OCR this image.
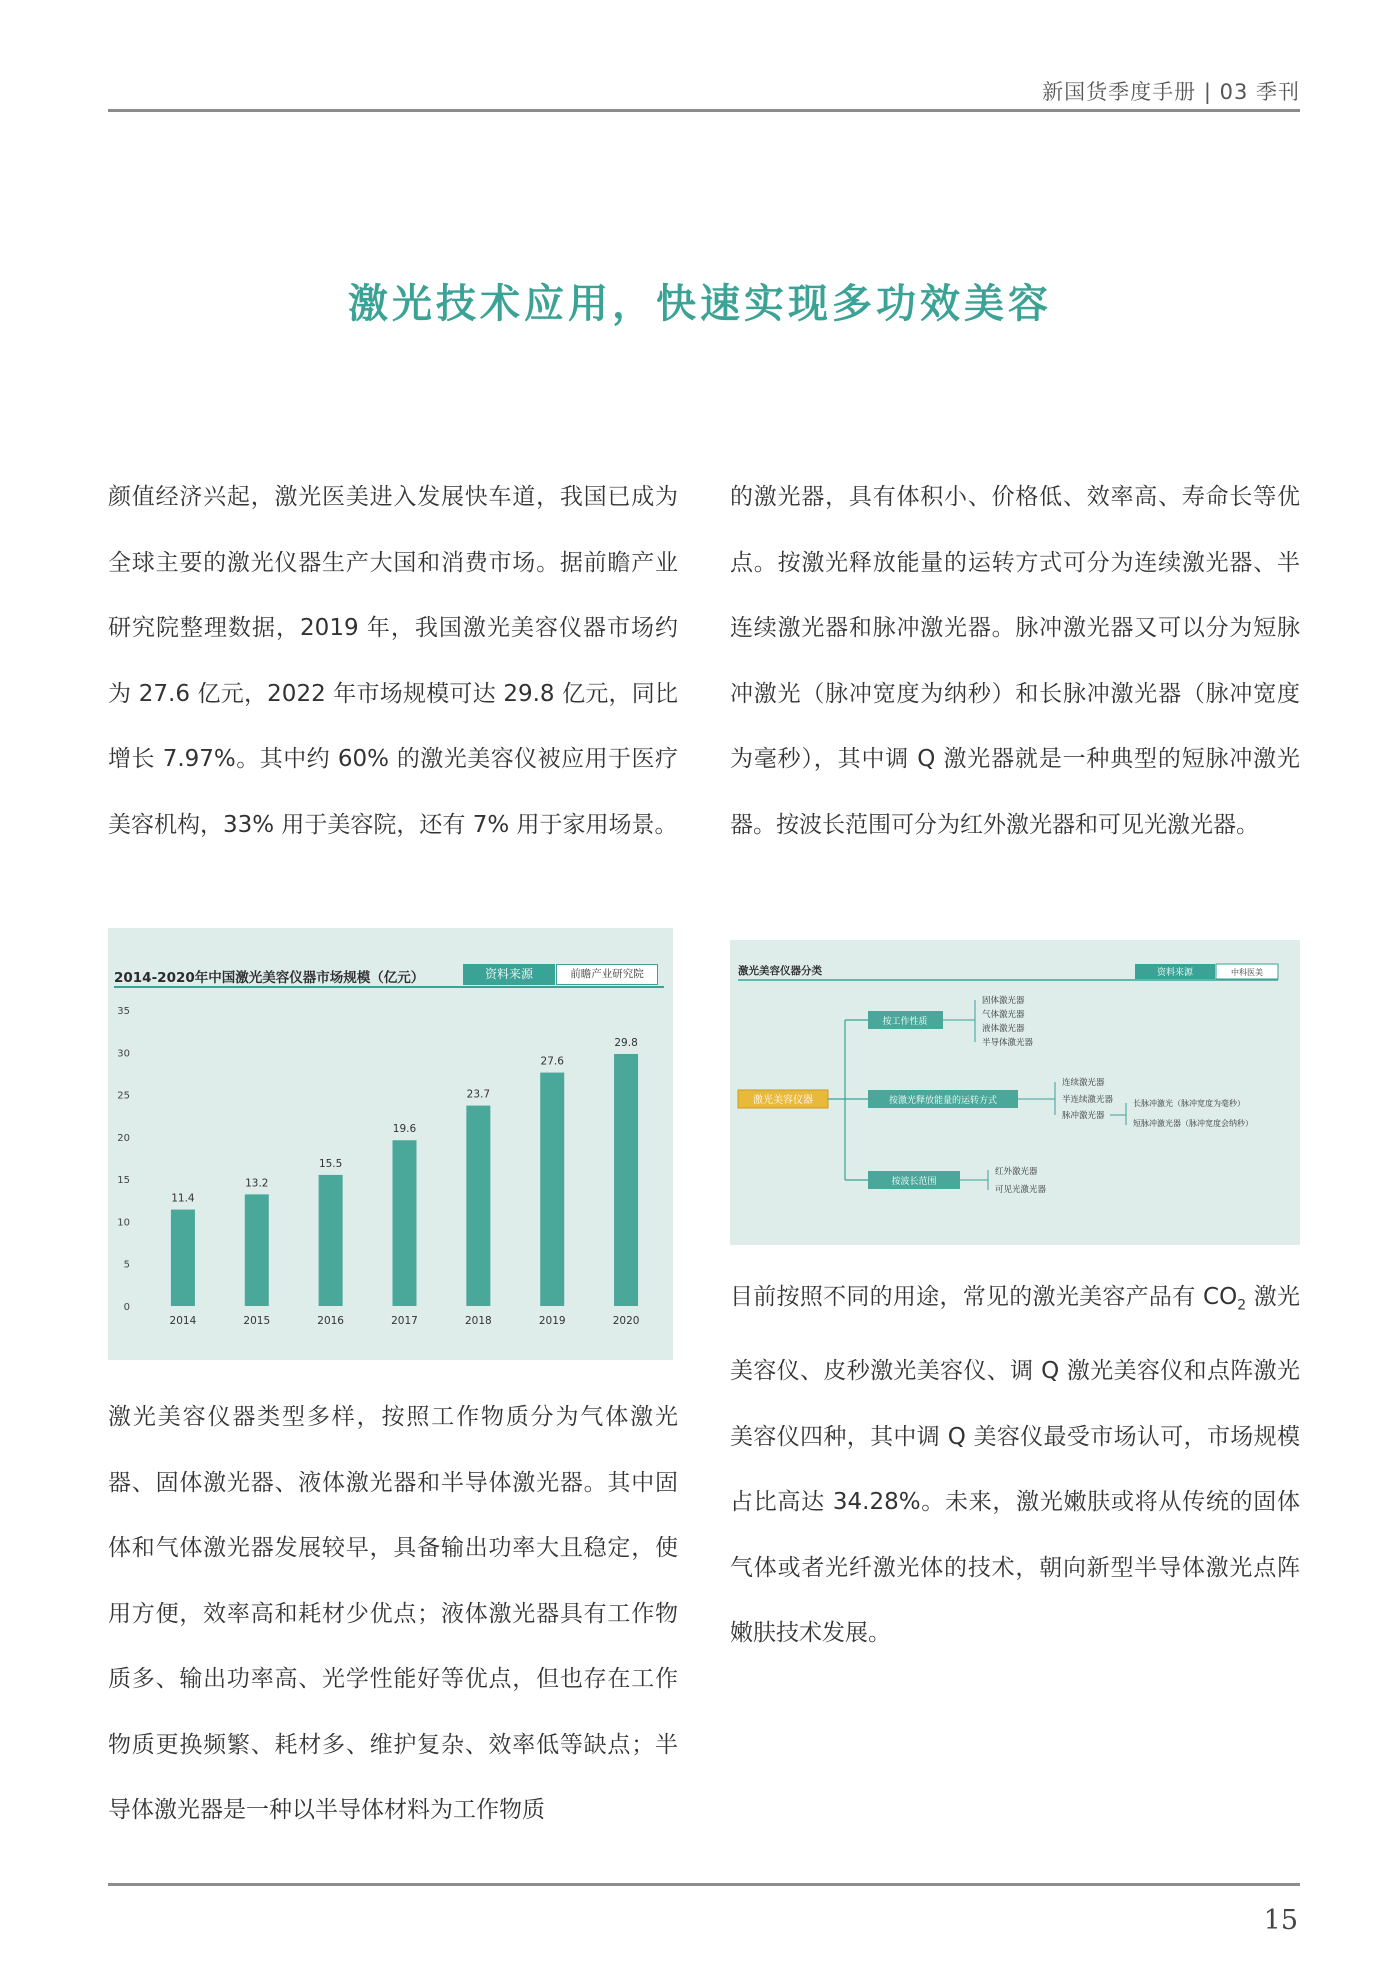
新国货季度手册 | 03 季刊
激光技术应用，快速实现多功效美容

颜值经济兴起，激光医美进入发展快车道，我国已成为全球主要的激光仪器生产大国和消费市场。据前瞻产业研究院整理数据，2019 年，我国激光美容仪器市场约为 27.6 亿元，2022 年市场规模可达 29.8 亿元，同比增长 7.97%。其中约 60% 的激光美容仪被应用于医疗美容机构，33% 用于美容院，还有 7% 用于家用场景。

2014-2020年中国激光美容仪器市场规模（亿元）	资料来源	前瞻产业研究院
0
5
10
15
20
25
30
35
11.4
2014
13.2
2015
15.5
2016
19.6
2017
23.7
2018
27.6
2019
29.8
2020

激光美容仪器类型多样，按照工作物质分为气体激光器、固体激光器、液体激光器和半导体激光器。其中固体和气体激光器发展较早，具备输出功率大且稳定，使用方便，效率高和耗材少优点；液体激光器具有工作物质多、输出功率高、光学性能好等优点，但也存在工作物质更换频繁、耗材多、维护复杂、效率低等缺点；半导体激光器是一种以半导体材料为工作物质

的激光器，具有体积小、价格低、效率高、寿命长等优点。按激光释放能量的运转方式可分为连续激光器、半连续激光器和脉冲激光器。脉冲激光器又可以分为短脉冲激光（脉冲宽度为纳秒）和长脉冲激光器（脉冲宽度为毫秒），其中调 Q 激光器就是一种典型的短脉冲激光器。按波长范围可分为红外激光器和可见光激光器。

激光美容仪器分类	资料来源	中科医美
激光美容仪器
按工作性质
固体激光器
气体激光器
液体激光器
半导体激光器
按激光释放能量的运转方式
连续激光器
半连续激光器
脉冲激光器
长脉冲激光（脉冲宽度为毫秒）
短脉冲激光器（脉冲宽度会纳秒）
按波长范围
红外激光器
可见光激光器

目前按照不同的用途，常见的激光美容产品有 $CO_2$ 激光美容仪、皮秒激光美容仪、调 Q 激光美容仪和点阵激光美容仪四种，其中调 Q 美容仪最受市场认可，市场规模占比高达 34.28%。未来，激光嫩肤或将从传统的固体气体或者光纤激光体的技术，朝向新型半导体激光点阵嫩肤技术发展。

15
